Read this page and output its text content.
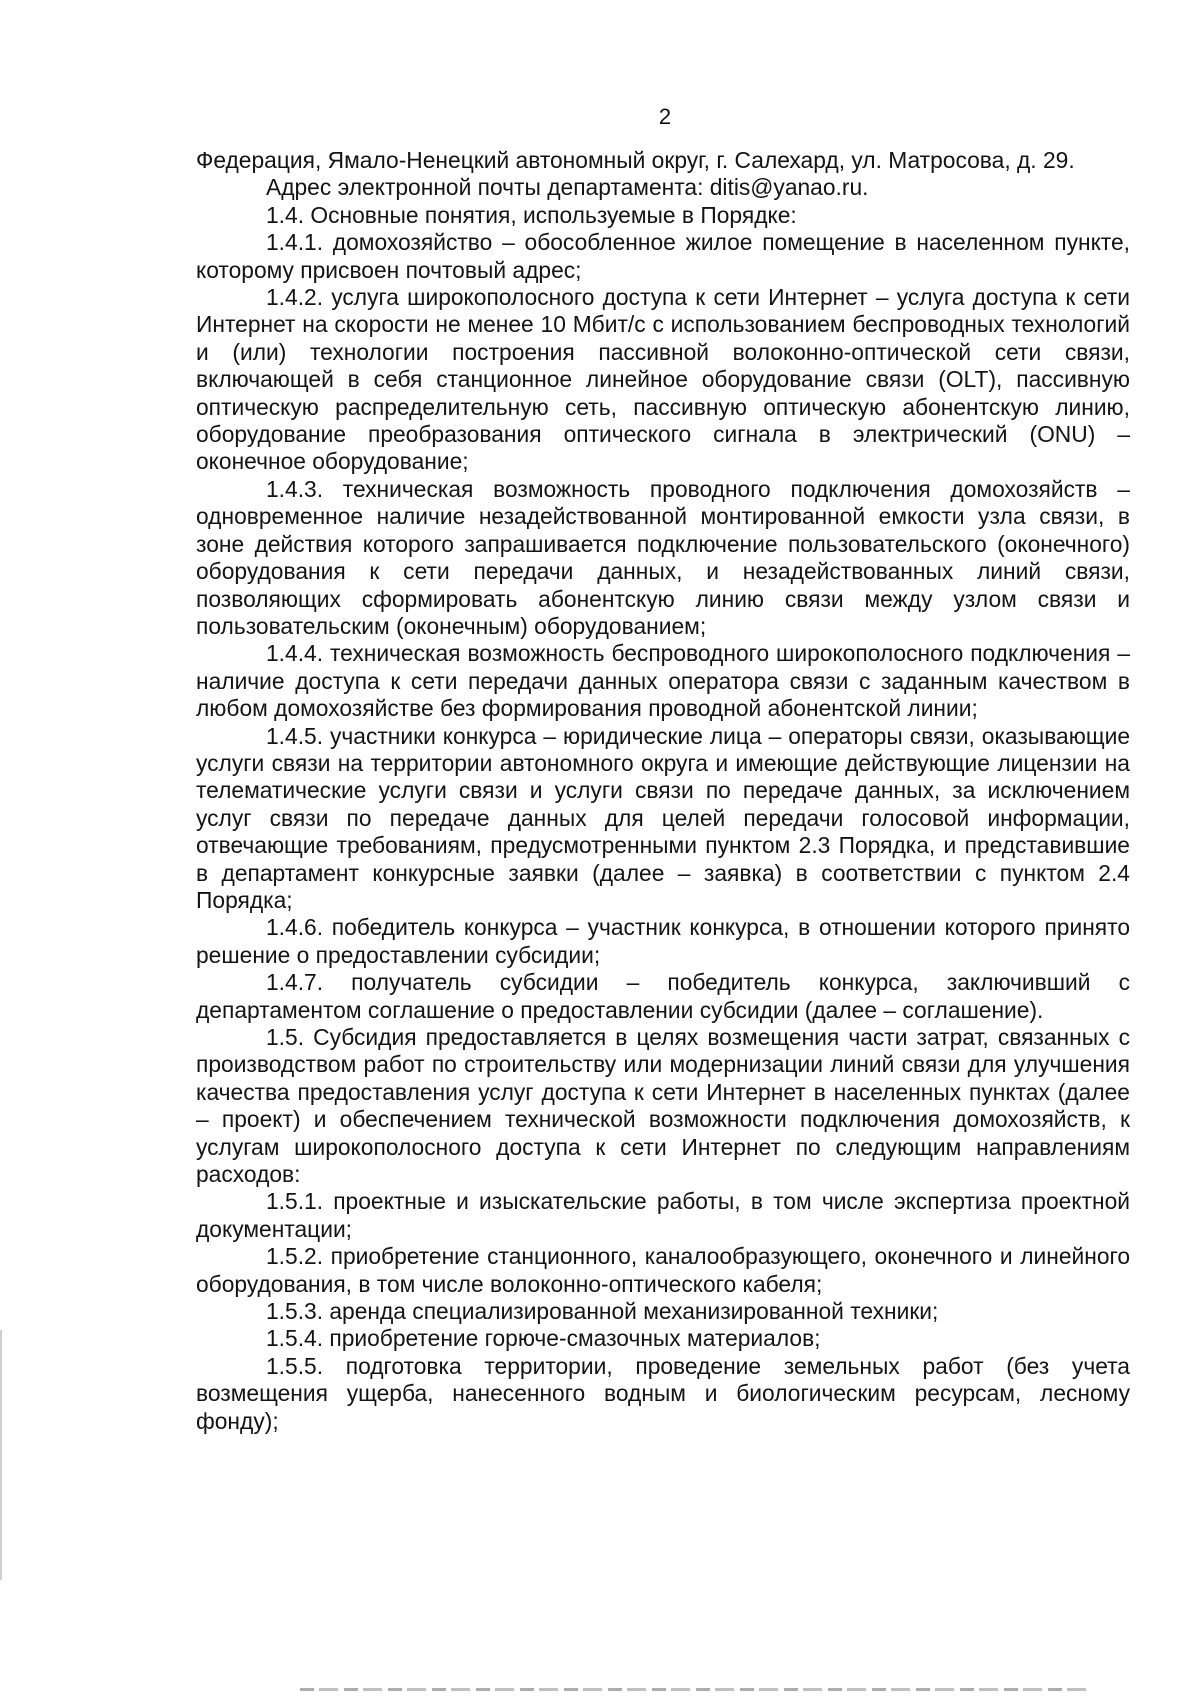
2

Федерация, Ямало-Ненецкий автономный округ, г. Салехард, ул. Матросова, д. 29.

Адрес электронной почты департамента: ditis@yanao.ru.

1.4. Основные понятия, используемые в Порядке:

1.4.1. домохозяйство – обособленное жилое помещение в населенном пункте, которому присвоен почтовый адрес;

1.4.2. услуга широкополосного доступа к сети Интернет – услуга доступа к сети Интернет на скорости не менее 10 Мбит/с с использованием беспроводных технологий и (или) технологии построения пассивной волоконно-оптической сети связи, включающей в себя станционное линейное оборудование связи (OLT), пассивную оптическую распределительную сеть, пассивную оптическую абонентскую линию, оборудование преобразования оптического сигнала в электрический (ONU) – оконечное оборудование;

1.4.3. техническая возможность проводного подключения домохозяйств – одновременное наличие незадействованной монтированной емкости узла связи, в зоне действия которого запрашивается подключение пользовательского (оконечного) оборудования к сети передачи данных, и незадействованных линий связи, позволяющих сформировать абонентскую линию связи между узлом связи и пользовательским (оконечным) оборудованием;

1.4.4. техническая возможность беспроводного широкополосного подключения – наличие доступа к сети передачи данных оператора связи с заданным качеством в любом домохозяйстве без формирования проводной абонентской линии;

1.4.5. участники конкурса – юридические лица – операторы связи, оказывающие услуги связи на территории автономного округа и имеющие действующие лицензии на телематические услуги связи и услуги связи по передаче данных, за исключением услуг связи по передаче данных для целей передачи голосовой информации, отвечающие требованиям, предусмотренными пунктом 2.3 Порядка, и представившие в департамент конкурсные заявки (далее – заявка) в соответствии с пунктом 2.4 Порядка;

1.4.6. победитель конкурса – участник конкурса, в отношении которого принято решение о предоставлении субсидии;

1.4.7. получатель субсидии – победитель конкурса, заключивший с департаментом соглашение о предоставлении субсидии (далее – соглашение).

1.5. Субсидия предоставляется в целях возмещения части затрат, связанных с производством работ по строительству или модернизации линий связи для улучшения качества предоставления услуг доступа к сети Интернет в населенных пунктах (далее – проект) и обеспечением технической возможности подключения домохозяйств, к услугам широкополосного доступа к сети Интернет по следующим направлениям расходов:

1.5.1. проектные и изыскательские работы, в том числе экспертиза проектной документации;

1.5.2. приобретение станционного, каналообразующего, оконечного и линейного оборудования, в том числе волоконно-оптического кабеля;

1.5.3. аренда специализированной механизированной техники;

1.5.4. приобретение горюче-смазочных материалов;

1.5.5. подготовка территории, проведение земельных работ (без учета возмещения ущерба, нанесенного водным и биологическим ресурсам, лесному фонду);
